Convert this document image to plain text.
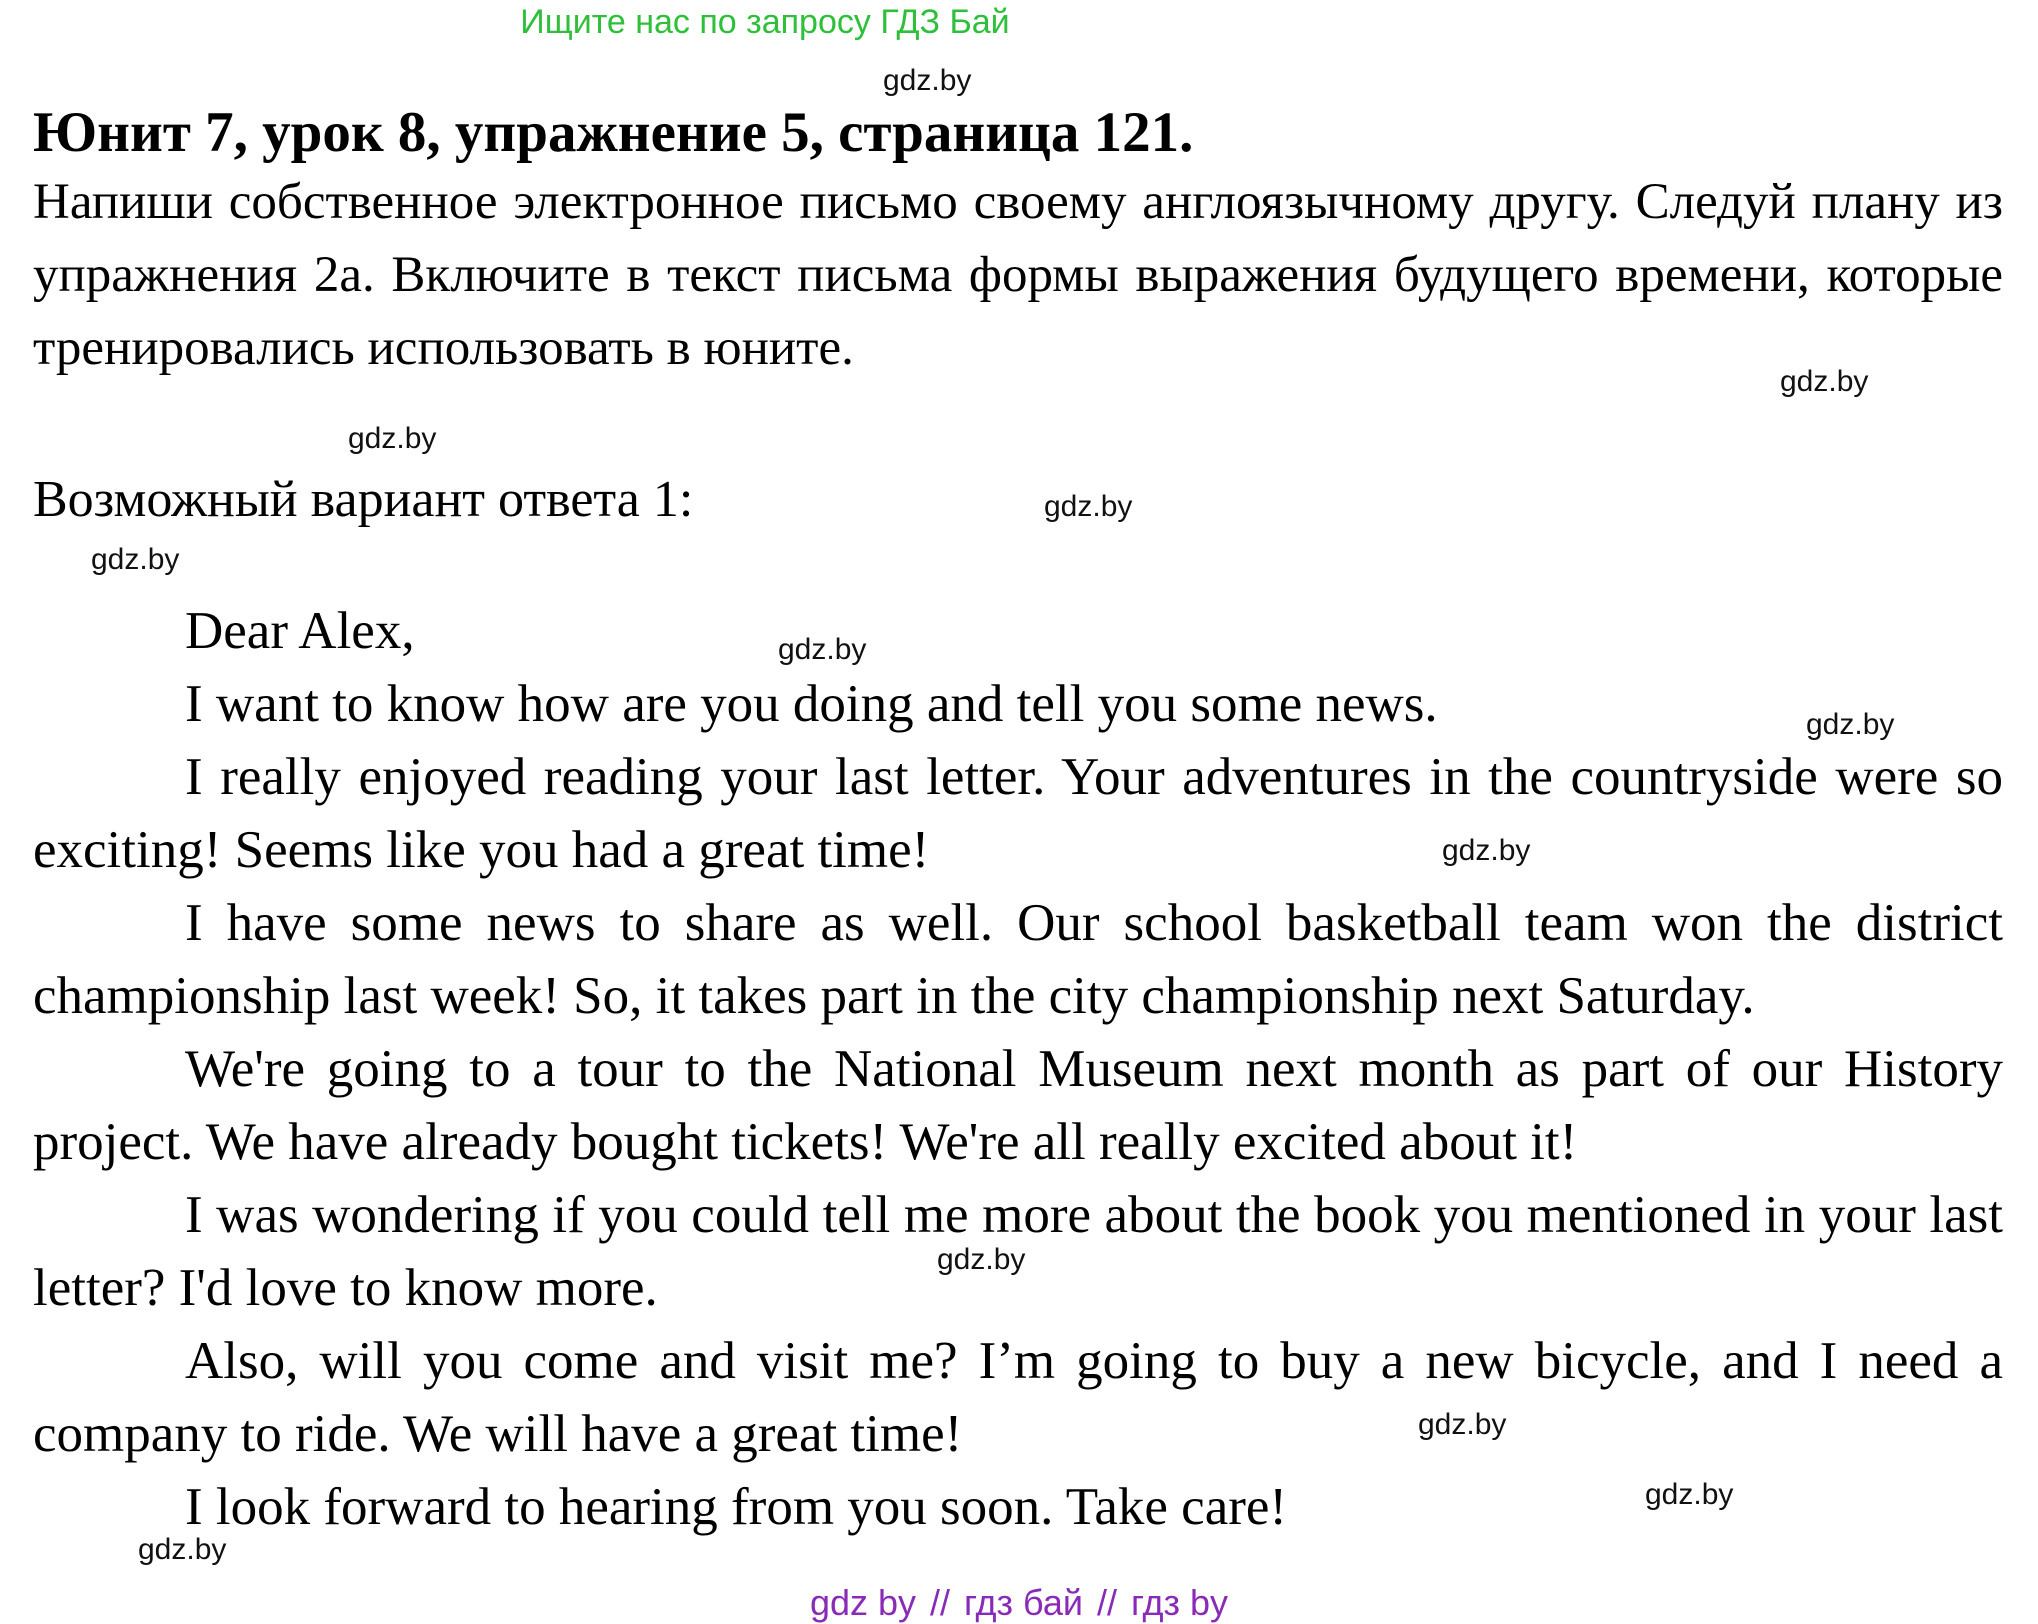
Ищите нас по запросу ГДЗ Бай
gdz.by
Юнит 7, урок 8, упражнение 5, страница 121.
Напиши собственное электронное письмо своему англоязычному другу. Следуй плану из упражнения 2а. Включите в текст письма формы выражения будущего времени, которые тренировались использовать в юните.
gdz.by
gdz.by
Возможный вариант ответа 1:	gdz.by
gdz.by

Dear Alex,

I want to know how are you doing and tell you some news.

I really enjoyed reading your last letter. Your adventures in the countryside were so exciting! Seems like you had a great time!

I have some news to share as well. Our school basketball team won the district championship last week! So, it takes part in the city championship next Saturday.

We're going to a tour to the National Museum next month as part of our History project. We have already bought tickets! We're all really excited about it!

I was wondering if you could tell me more about the book you mentioned in your last letter? I'd love to know more.

Also, will you come and visit me? I’m going to buy a new bicycle, and I need a company to ride. We will have a great time!

I look forward to hearing from you soon. Take care!

gdz.by
gdz.by
gdz.by
gdz.by
gdz.by
gdz.by
gdz.by
gdz by // гдз бай // гдз by
